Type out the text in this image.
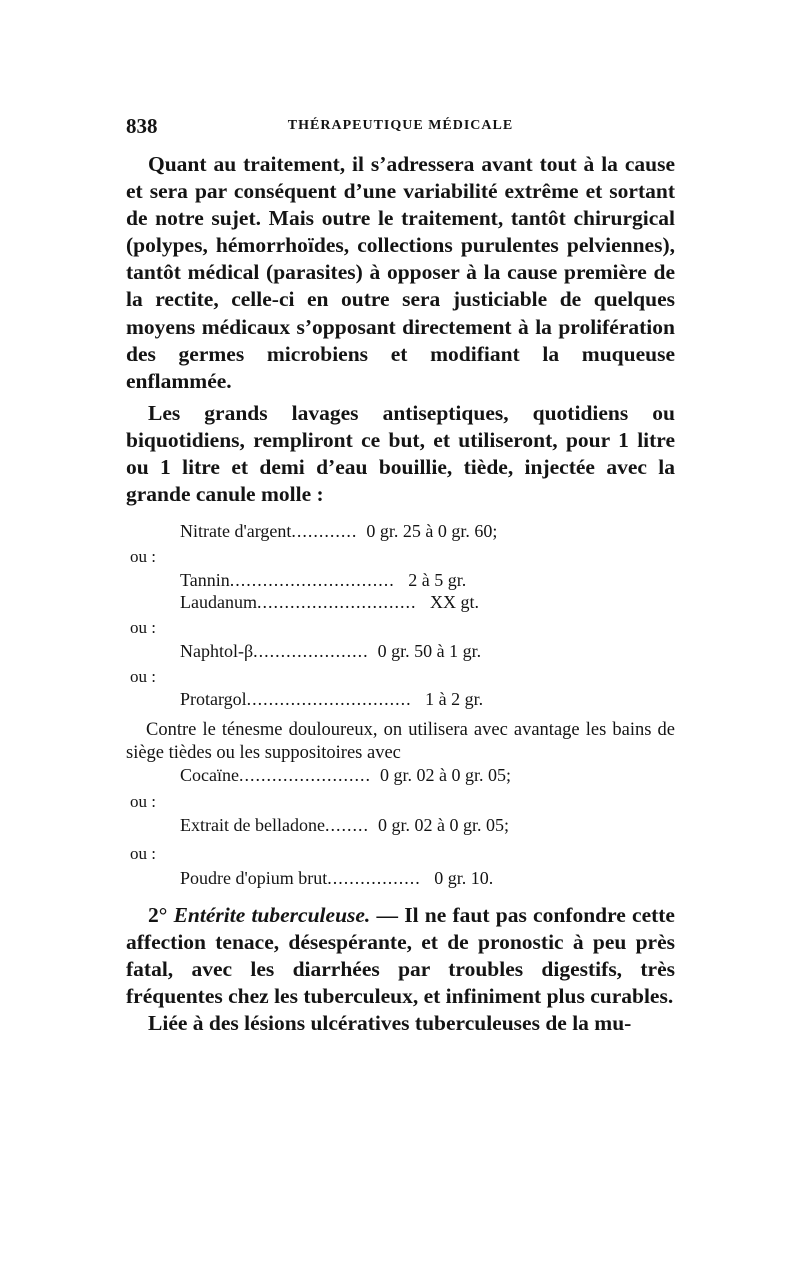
838	THÉRAPEUTIQUE MÉDICALE

Quant au traitement, il s’adressera avant tout à la cause et sera par conséquent d’une variabilité extrême et sortant de notre sujet. Mais outre le traitement, tantôt chirurgical (polypes, hémorrhoïdes, collections purulentes pelviennes), tantôt médical (parasites) à opposer à la cause première de la rectite, celle-ci en outre sera justiciable de quelques moyens médicaux s’opposant directement à la prolifération des germes microbiens et modifiant la muqueuse enflammée.

Les grands lavages antiseptiques, quotidiens ou biquotidiens, rempliront ce but, et utiliseront, pour 1 litre ou 1 litre et demi d’eau bouillie, tiède, injectée avec la grande canule molle :

Nitrate d'argent............ 0 gr. 25 à 0 gr. 60;
ou :
Tannin.............................. 2 à 5 gr.
Laudanum............................. XX gt.
ou :
Naphtol-β..................... 0 gr. 50 à 1 gr.
ou :
Protargol.............................. 1 à 2 gr.

Contre le ténesme douloureux, on utilisera avec avantage les bains de siège tièdes ou les suppositoires avec

Cocaïne........................ 0 gr. 02 à 0 gr. 05;
ou :
Extrait de belladone........ 0 gr. 02 à 0 gr. 05;
ou :
Poudre d'opium brut................. 0 gr. 10.

2° Entérite tuberculeuse. — Il ne faut pas confondre cette affection tenace, désespérante, et de pronostic à peu près fatal, avec les diarrhées par troubles digestifs, très fréquentes chez les tuberculeux, et infiniment plus curables.

Liée à des lésions ulcératives tuberculeuses de la mu-
